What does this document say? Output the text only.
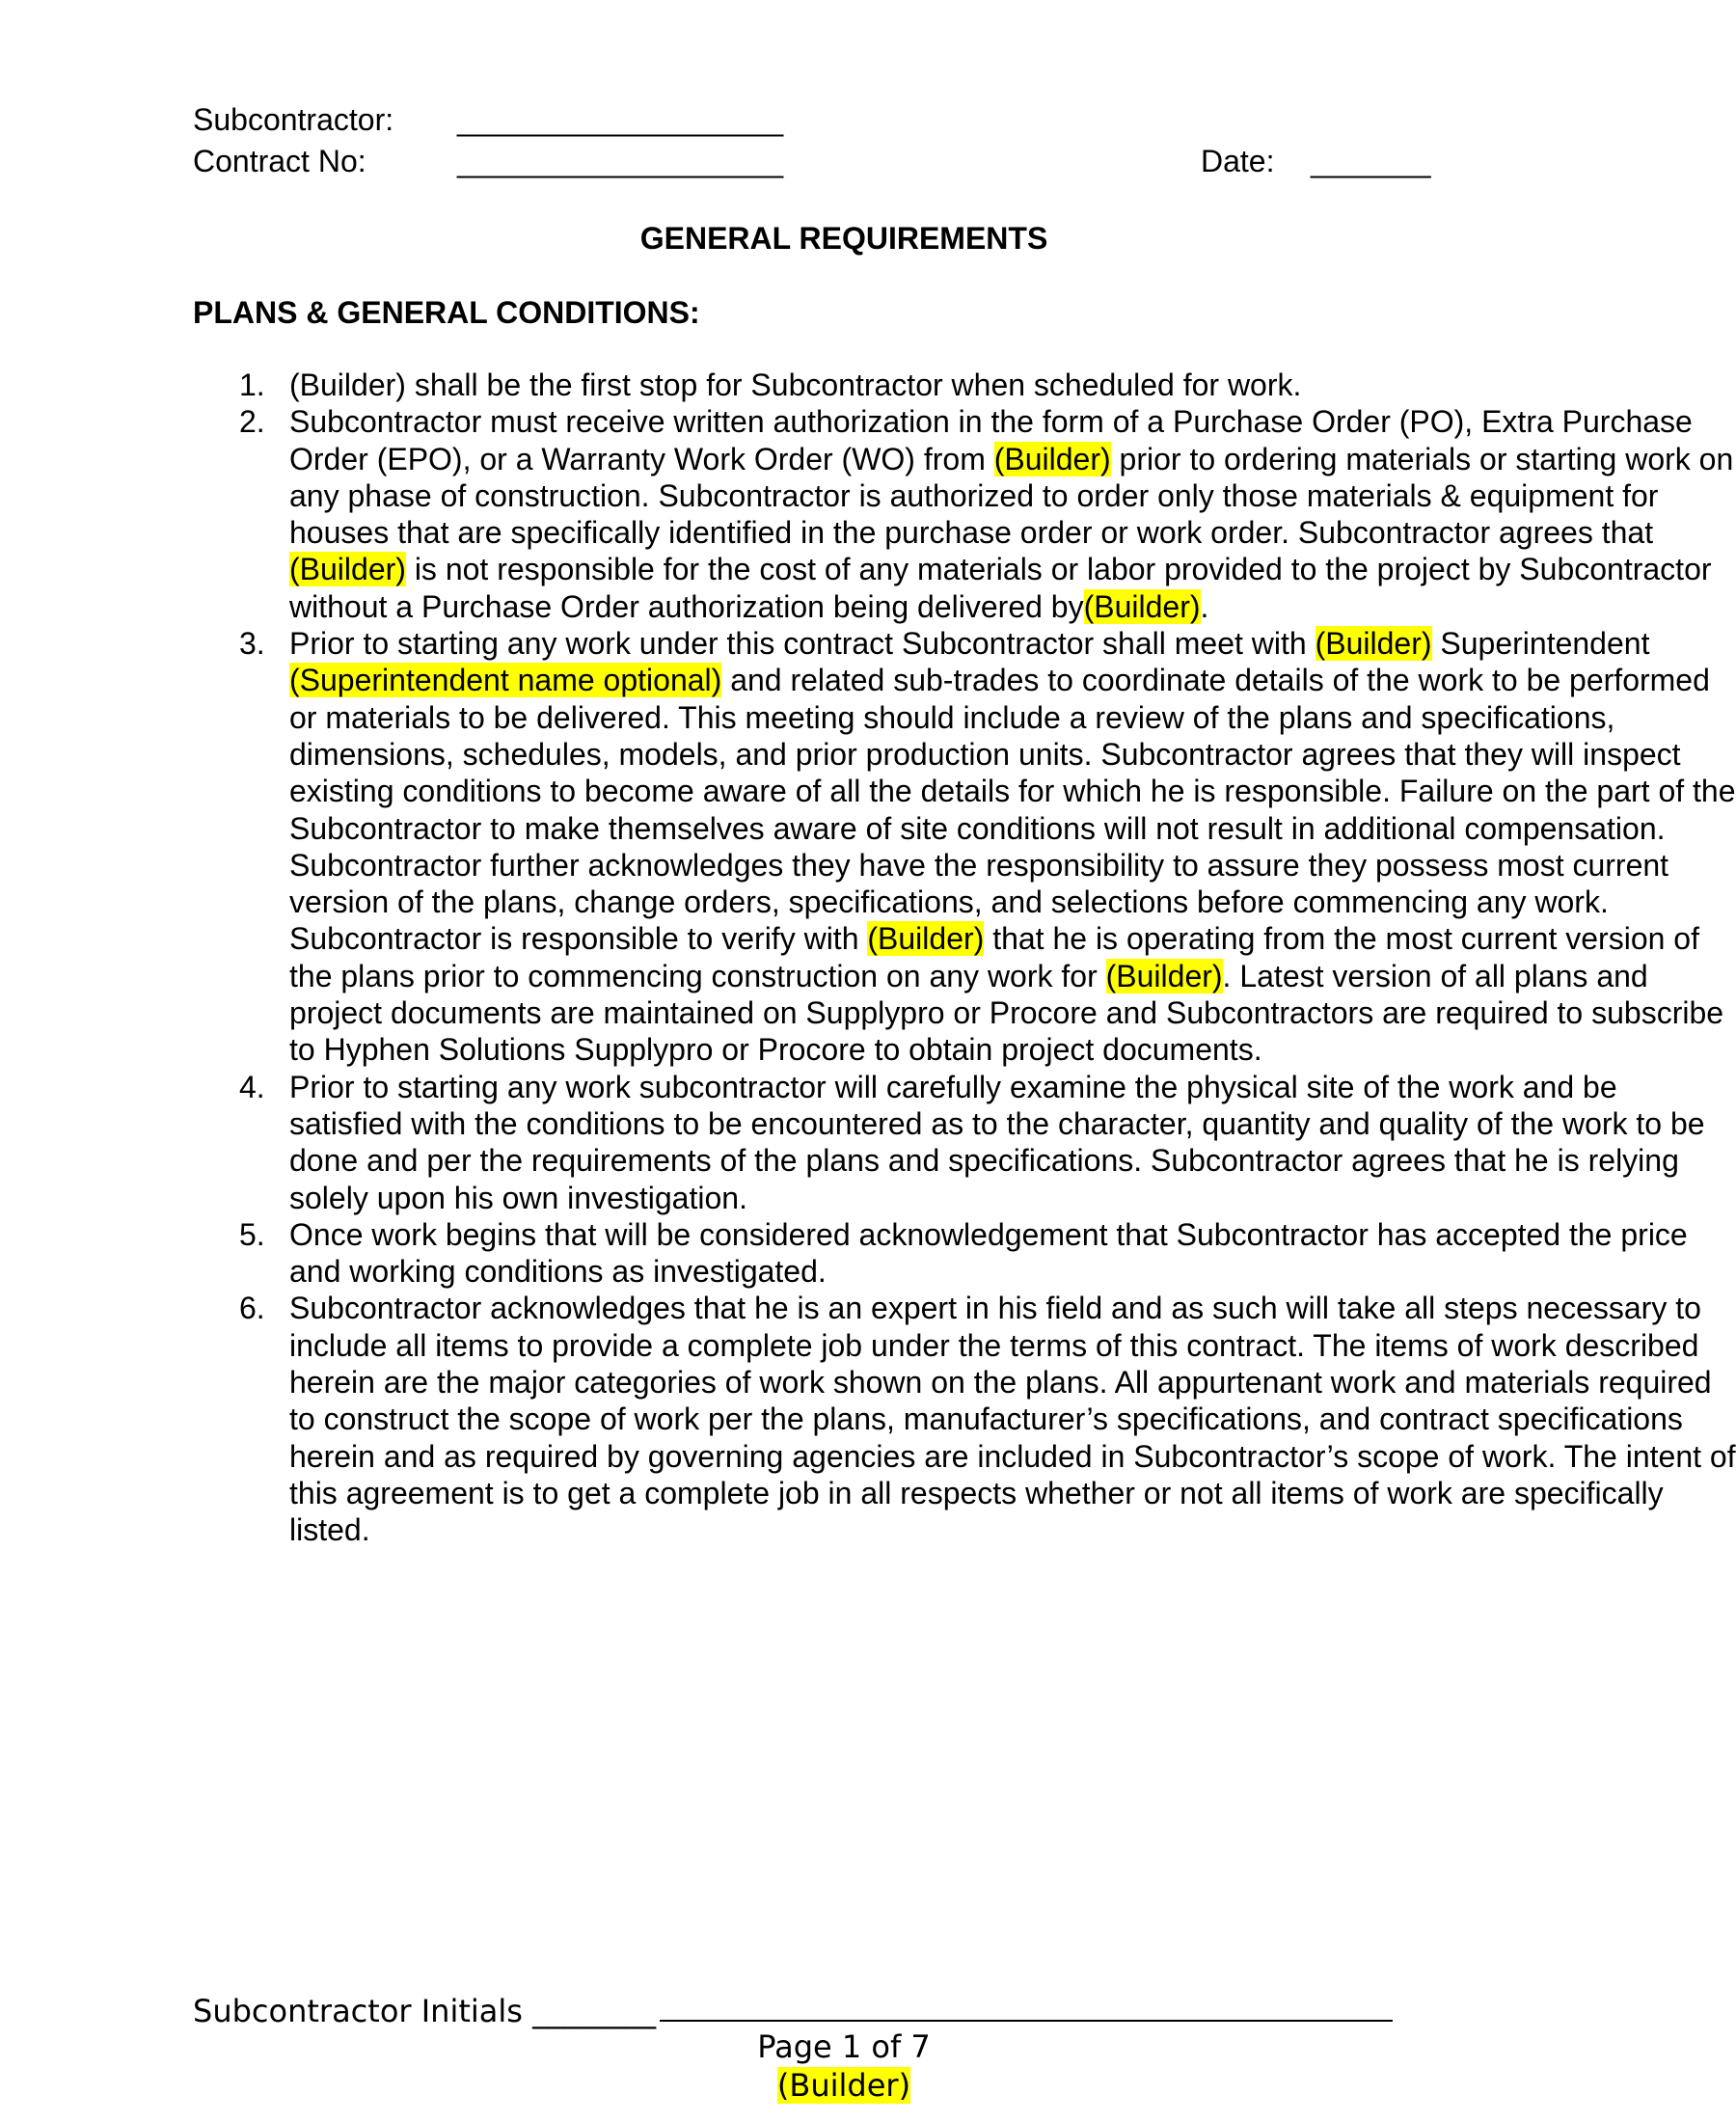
Subcontractor: ___________________
Contract No:	___________________	Date: _______
GENERAL REQUIREMENTS
PLANS & GENERAL CONDITIONS:
1. (Builder) shall be the first stop for Subcontractor when scheduled for work.
2. Subcontractor must receive written authorization in the form of a Purchase Order (PO), Extra Purchase Order (EPO), or a Warranty Work Order (WO) from (Builder) prior to ordering materials or starting work on any phase of construction. Subcontractor is authorized to order only those materials & equipment for houses that are specifically identified in the purchase order or work order. Subcontractor agrees that (Builder) is not responsible for the cost of any materials or labor provided to the project by Subcontractor without a Purchase Order authorization being delivered by(Builder).
3. Prior to starting any work under this contract Subcontractor shall meet with (Builder) Superintendent (Superintendent name optional) and related sub-trades to coordinate details of the work to be performed or materials to be delivered. This meeting should include a review of the plans and specifications, dimensions, schedules, models, and prior production units. Subcontractor agrees that they will inspect existing conditions to become aware of all the details for which he is responsible. Failure on the part of the Subcontractor to make themselves aware of site conditions will not result in additional compensation. Subcontractor further acknowledges they have the responsibility to assure they possess most current version of the plans, change orders, specifications, and selections before commencing any work. Subcontractor is responsible to verify with (Builder) that he is operating from the most current version of the plans prior to commencing construction on any work for (Builder). Latest version of all plans and project documents are maintained on Supplypro or Procore and Subcontractors are required to subscribe to Hyphen Solutions Supplypro or Procore to obtain project documents.
4. Prior to starting any work subcontractor will carefully examine the physical site of the work and be satisfied with the conditions to be encountered as to the character, quantity and quality of the work to be done and per the requirements of the plans and specifications. Subcontractor agrees that he is relying solely upon his own investigation.
5. Once work begins that will be considered acknowledgement that Subcontractor has accepted the price and working conditions as investigated.
6. Subcontractor acknowledges that he is an expert in his field and as such will take all steps necessary to include all items to provide a complete job under the terms of this contract. The items of work described herein are the major categories of work shown on the plans. All appurtenant work and materials required to construct the scope of work per the plans, manufacturer’s specifications, and contract specifications herein and as required by governing agencies are included in Subcontractor’s scope of work. The intent of this agreement is to get a complete job in all respects whether or not all items of work are specifically listed.
Subcontractor Initials ________
Page 1 of 7
(Builder)
